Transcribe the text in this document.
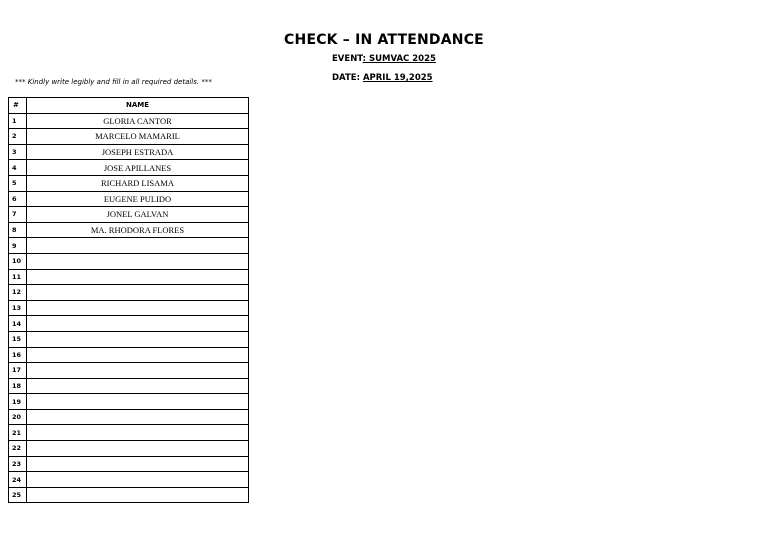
CHECK – IN ATTENDANCE
EVENT: SUMVAC 2025
DATE: APRIL 19,2025
*** Kindly write legibly and fill in all required details. ***
#	NAME
1	GLORIA CANTOR
2	MARCELO MAMARIL
3	JOSEPH ESTRADA
4	JOSE APILLANES
5	RICHARD LISAMA
6	EUGENE PULIDO
7	JONEL GALVAN
8	MA. RHODORA FLORES
9	
10	
11	
12	
13	
14	
15	
16	
17	
18	
19	
20	
21	
22	
23	
24	
25	
